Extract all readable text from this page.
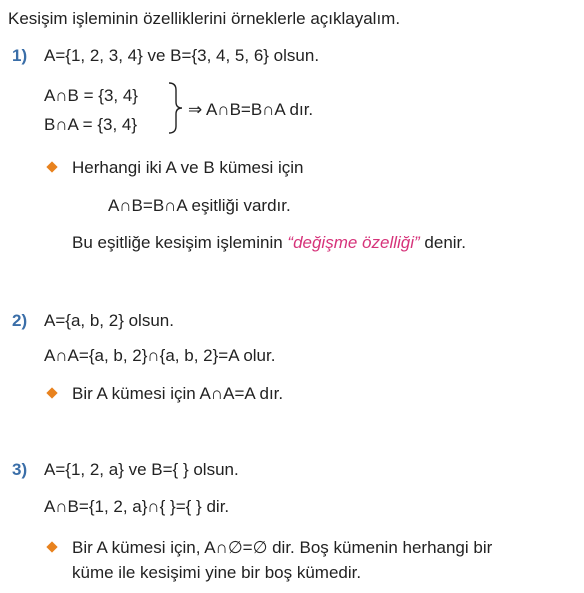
Kesişim işleminin özelliklerini örneklerle açıklayalım.
1) A={1, 2, 3, 4} ve B={3, 4, 5, 6} olsun.
A∩B = {3, 4}
B∩A = {3, 4}
⇒ A∩B=B∩A dır.
Herhangi iki A ve B kümesi için
A∩B=B∩A eşitliği vardır.
Bu eşitliğe kesişim işleminin “değişme özelliği” denir.
2) A={a, b, 2} olsun.
A∩A={a, b, 2}∩{a, b, 2}=A olur.
Bir A kümesi için A∩A=A dır.
3) A={1, 2, a} ve B={ } olsun.
A∩B={1, 2, a}∩{ }={ } dir.
Bir A kümesi için, A∩∅=∅ dir. Boş kümenin herhangi bir
küme ile kesişimi yine bir boş kümedir.
